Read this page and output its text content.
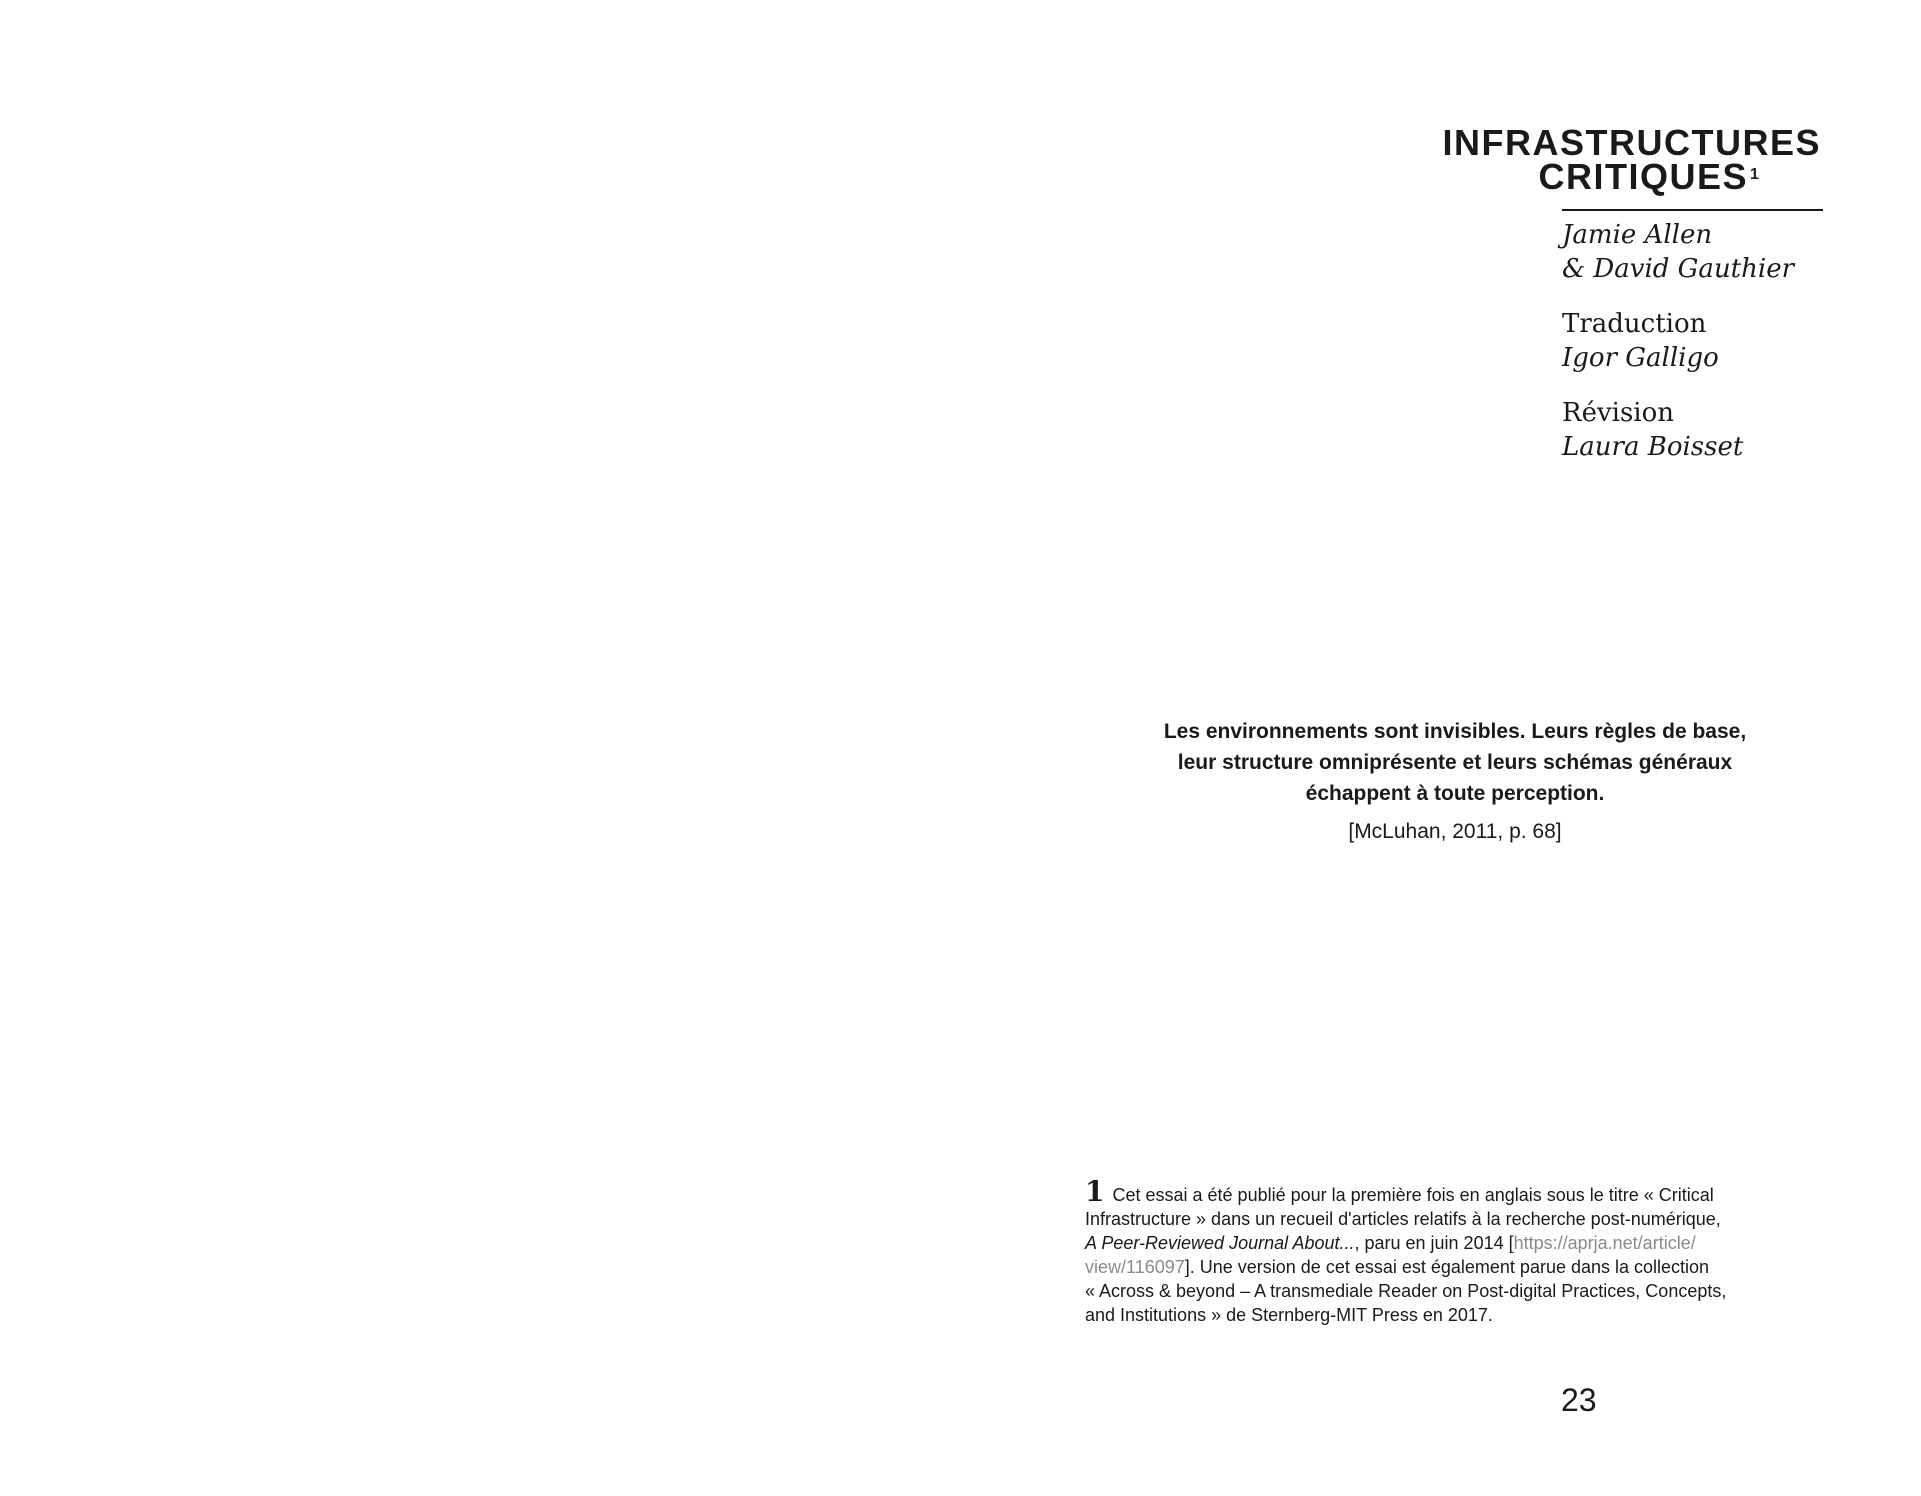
INFRASTRUCTURES

CRITIQUES $^1$

Jamie Allen
& David Gauthier
Traduction
Igor Galligo
Révision
Laura Boisset

Les environnements sont invisibles. Leurs règles de base,
leur structure omniprésente et leurs schémas généraux
échappent à toute perception.

[McLuhan, 2011, p. 68]
1 Cet essai a été publié pour la première fois en anglais sous le titre « Critical
Infrastructure » dans un recueil d'articles relatifs à la recherche post-numérique,
A Peer-Reviewed Journal About..., paru en juin 2014 [https://aprja.net/article/
view/116097]. Une version de cet essai est également parue dans la collection
« Across & beyond – A transmediale Reader on Post-digital Practices, Concepts,
and Institutions » de Sternberg-MIT Press en 2017.
23
